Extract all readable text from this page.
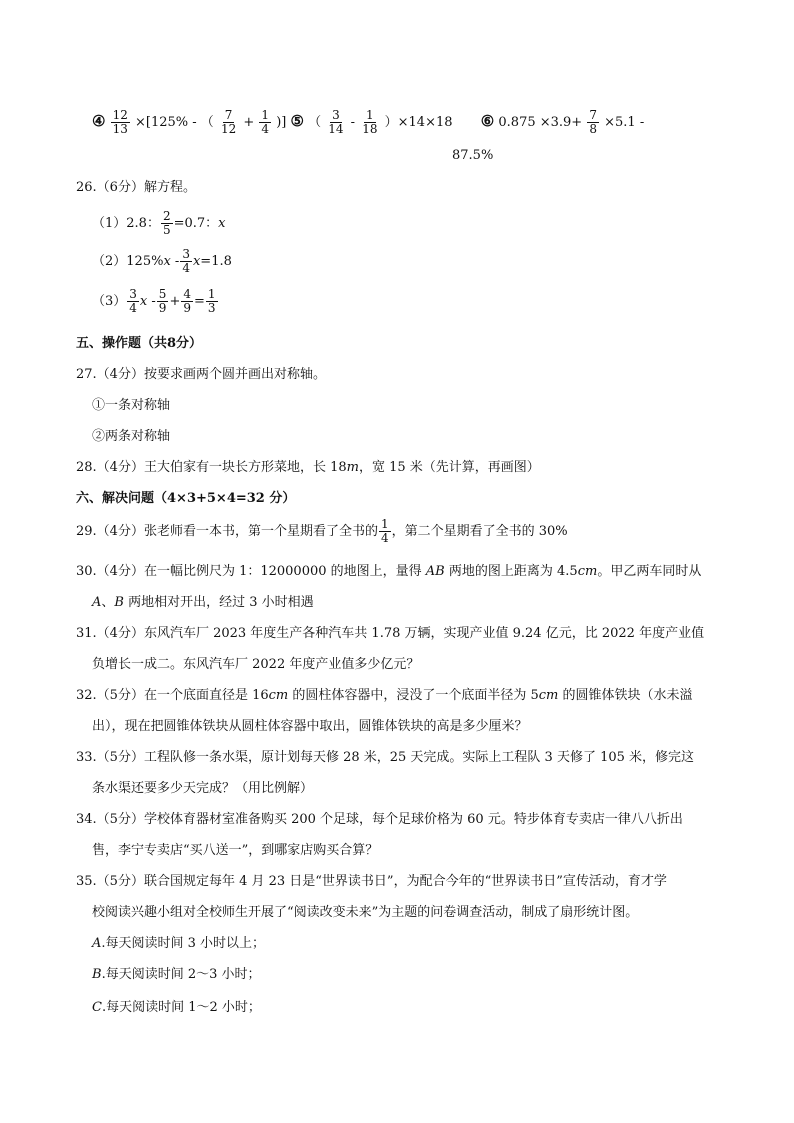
④ $\frac{12}{13} \times[125\%$ - （ $\frac{7}{12} + \frac{1}{4}$ )] ⑤ （ $\frac{3}{14} - \frac{1}{18} )\times 14\times 18$ ⑥ $0.875 \times 3.9+ \frac{7}{8} \times 5.1$ -
87.5%
26.（6分）解方程。
（1）2.8： $\frac{2}{5} =0.7$：x
$(2)125\%x - \frac{3}{4} x=1.8$
$(3) \frac{3}{4}$ $x - \frac{5}{9} + \frac{4}{9} = \frac{1}{3}$
五、操作题（共8分）
27.（4分）按要求画两个圆并画出对称轴。
①一条对称轴
②两条对称轴
28.（4分）王大伯家有一块长方形菜地，长 18m，宽 15 米（先计算，再画图）
六、解决问题（4×3+5×4=32 分）
29.（4分）张老师看一本书，第一个星期看了全书的 $\frac{1}{4}$ ，第二个星期看了全书的 30%
30.（4分）在一幅比例尺为 1：12000000 的地图上，量得 AB 两地的图上距离为 4.5cm。甲乙两车同时从
A、B 两地相对开出，经过 3 小时相遇
31.（4分）东风汽车厂 2023 年度生产各种汽车共 1.78 万辆，实现产业值 9.24 亿元，比 2022 年度产业值
负增长一成二。东风汽车厂 2022 年度产业值多少亿元？
32.（5分）在一个底面直径是 16cm 的圆柱体容器中，浸没了一个底面半径为 5cm 的圆锥体铁块（水未溢
出），现在把圆锥体铁块从圆柱体容器中取出，圆锥体铁块的高是多少厘米？
33.（5分）工程队修一条水渠，原计划每天修 28 米，25 天完成。实际上工程队 3 天修了 105 米，修完这
条水渠还要多少天完成？（用比例解）
34.（5分）学校体育器材室准备购买 200 个足球，每个足球价格为 60 元。特步体育专卖店一律八八折出
售，李宁专卖店“买八送一”，到哪家店购买合算？
35.（5分）联合国规定每年 4 月 23 日是“世界读书日”，为配合今年的“世界读书日”宣传活动，育才学
校阅读兴趣小组对全校师生开展了“阅读改变未来”为主题的问卷调查活动，制成了扇形统计图。
A.每天阅读时间 3 小时以上；
B.每天阅读时间 2～3 小时；
C.每天阅读时间 1～2 小时；
